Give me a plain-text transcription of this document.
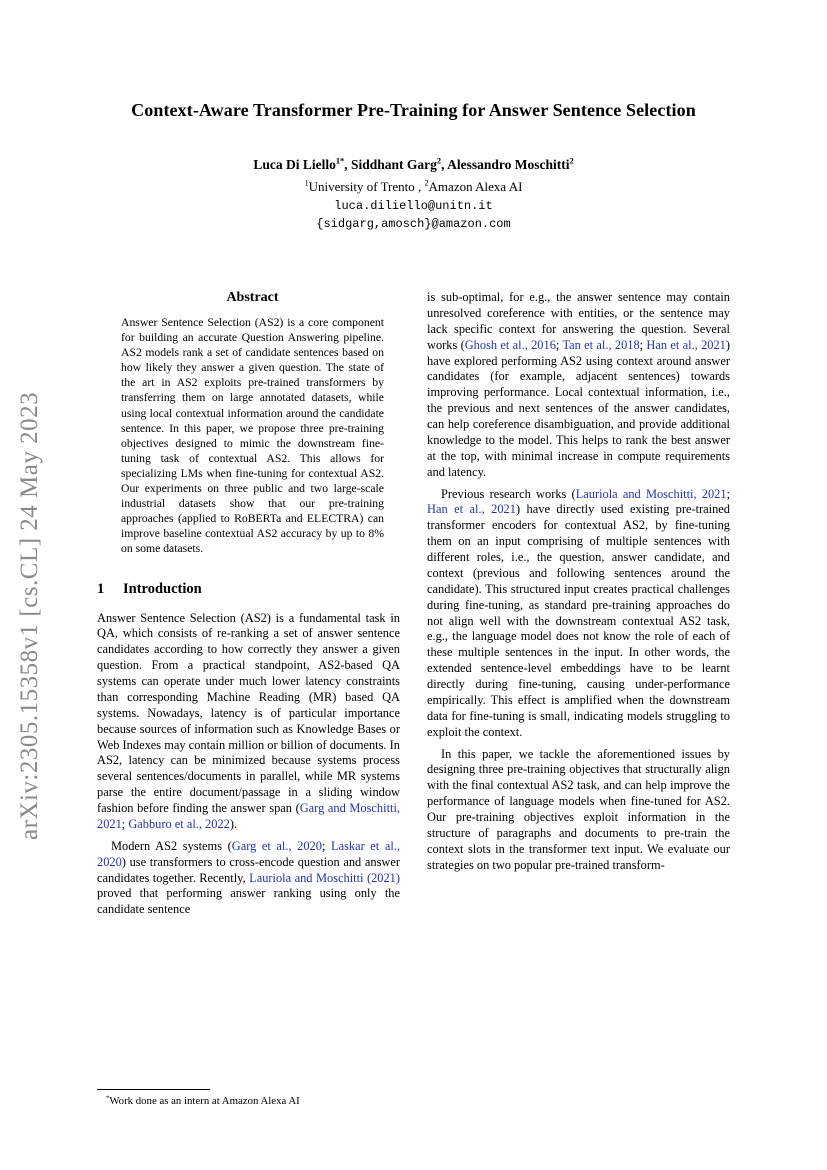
arXiv:2305.15358v1 [cs.CL] 24 May 2023
Context-Aware Transformer Pre-Training for Answer Sentence Selection
Luca Di Liello$^{1*}$, Siddhant Garg$^2$, Alessandro Moschitti$^2$
$^1$University of Trento , $^2$Amazon Alexa AI
luca.diliello@unitn.it
{sidgarg,amosch}@amazon.com
Abstract

Answer Sentence Selection (AS2) is a core component for building an accurate Question Answering pipeline. AS2 models rank a set of candidate sentences based on how likely they answer a given question. The state of the art in AS2 exploits pre-trained transformers by transferring them on large annotated datasets, while using local contextual information around the candidate sentence. In this paper, we propose three pre-training objectives designed to mimic the downstream fine-tuning task of contextual AS2. This allows for specializing LMs when fine-tuning for contextual AS2. Our experiments on three public and two large-scale industrial datasets show that our pre-training approaches (applied to RoBERTa and ELECTRA) can improve baseline contextual AS2 accuracy by up to 8% on some datasets.

1 Introduction

Answer Sentence Selection (AS2) is a fundamental task in QA, which consists of re-ranking a set of answer sentence candidates according to how correctly they answer a given question. From a practical standpoint, AS2-based QA systems can operate under much lower latency constraints than corresponding Machine Reading (MR) based QA systems. Nowadays, latency is of particular importance because sources of information such as Knowledge Bases or Web Indexes may contain million or billion of documents. In AS2, latency can be minimized because systems process several sentences/documents in parallel, while MR systems parse the entire document/passage in a sliding window fashion before finding the answer span (Garg and Moschitti, 2021; Gabburo et al., 2022).

Modern AS2 systems (Garg et al., 2020; Laskar et al., 2020) use transformers to cross-encode question and answer candidates together. Recently, Lauriola and Moschitti (2021) proved that performing answer ranking using only the candidate sentence

*Work done as an intern at Amazon Alexa AI

is sub-optimal, for e.g., the answer sentence may contain unresolved coreference with entities, or the sentence may lack specific context for answering the question. Several works (Ghosh et al., 2016; Tan et al., 2018; Han et al., 2021) have explored performing AS2 using context around answer candidates (for example, adjacent sentences) towards improving performance. Local contextual information, i.e., the previous and next sentences of the answer candidates, can help coreference disambiguation, and provide additional knowledge to the model. This helps to rank the best answer at the top, with minimal increase in compute requirements and latency.

Previous research works (Lauriola and Moschitti, 2021; Han et al., 2021) have directly used existing pre-trained transformer encoders for contextual AS2, by fine-tuning them on an input comprising of multiple sentences with different roles, i.e., the question, answer candidate, and context (previous and following sentences around the candidate). This structured input creates practical challenges during fine-tuning, as standard pre-training approaches do not align well with the downstream contextual AS2 task, e.g., the language model does not know the role of each of these multiple sentences in the input. In other words, the extended sentence-level embeddings have to be learnt directly during fine-tuning, causing under-performance empirically. This effect is amplified when the downstream data for fine-tuning is small, indicating models struggling to exploit the context.

In this paper, we tackle the aforementioned issues by designing three pre-training objectives that structurally align with the final contextual AS2 task, and can help improve the performance of language models when fine-tuned for AS2. Our pre-training objectives exploit information in the structure of paragraphs and documents to pre-train the context slots in the transformer text input. We evaluate our strategies on two popular pre-trained transform-
